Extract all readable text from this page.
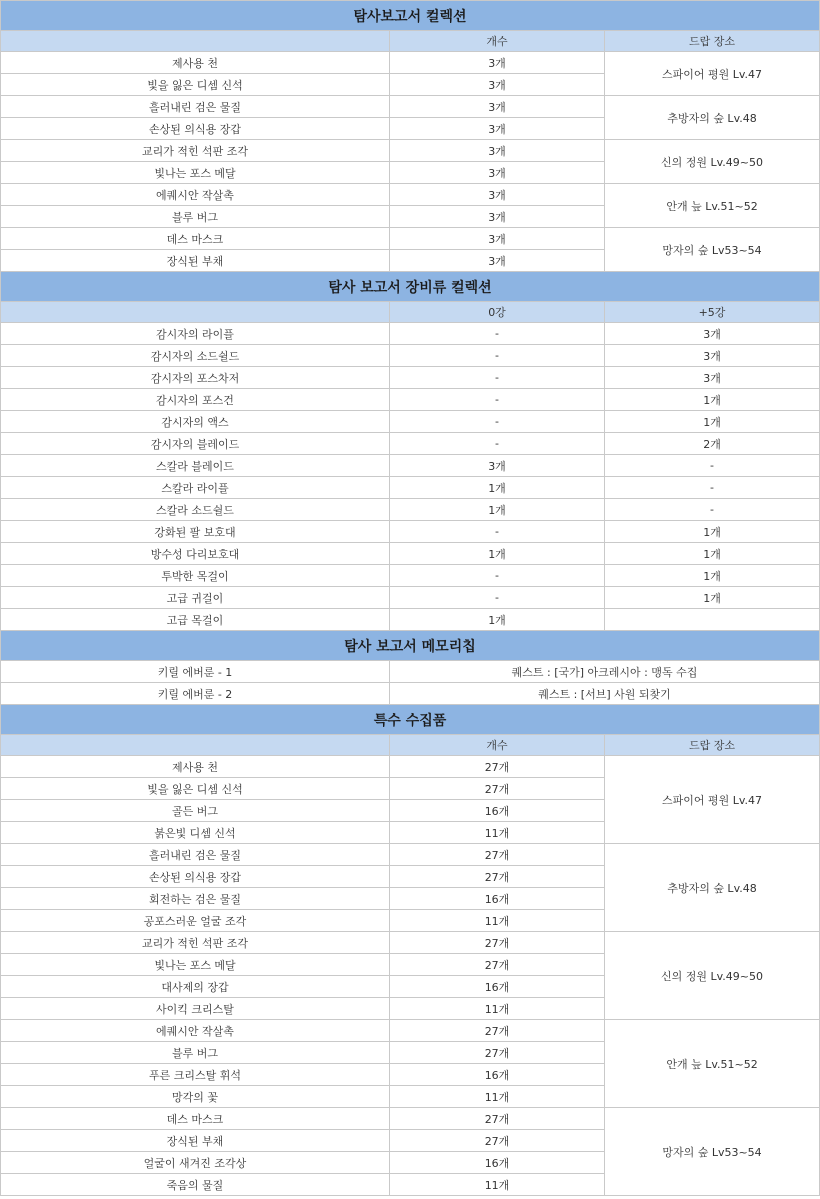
탐사보고서 컬렉션		
	개수	드랍 장소
제사용 천	3개	스파이어 평원 Lv.47
빛을 잃은 디셈 신석	3개	
흘러내린 검은 물질	3개	추방자의 숲 Lv.48
손상된 의식용 장갑	3개	
교리가 적힌 석판 조각	3개	신의 정원 Lv.49~50
빛나는 포스 메달	3개	
에퀘시안 작살촉	3개	안개 늪 Lv.51~52
블루 버그	3개	
데스 마스크	3개	망자의 숲 Lv53~54
장식된 부채	3개	
탐사 보고서 장비류 컬렉션		
	0강	+5강
감시자의 라이플	-	3개
감시자의 소드쉴드	-	3개
감시자의 포스차저	-	3개
감시자의 포스건	-	1개
감시자의 액스	-	1개
감시자의 블레이드	-	2개
스칼라 블레이드	3개	-
스칼라 라이플	1개	-
스칼라 소드쉴드	1개	-
강화된 팔 보호대	-	1개
방수성 다리보호대	1개	1개
투박한 목걸이	-	1개
고급 귀걸이	-	1개
고급 목걸이	1개	
탐사 보고서 메모리칩		
키릴 에버룬 - 1	퀘스트 : [국가] 아크레시아 : 맹독 수집	
키릴 에버룬 - 2	퀘스트 : [서브] 사원 되찾기	
특수 수집품		
	개수	드랍 장소
제사용 천	27개	스파이어 평원 Lv.47
빛을 잃은 디셈 신석	27개	
골든 버그	16개	
붉은빛 디셈 신석	11개	
흘러내린 검은 물질	27개	추방자의 숲 Lv.48
손상된 의식용 장갑	27개	
회전하는 검은 물질	16개	
공포스러운 얼굴 조각	11개	
교리가 적힌 석판 조각	27개	신의 정원 Lv.49~50
빛나는 포스 메달	27개	
대사제의 장갑	16개	
사이킥 크리스탈	11개	
에퀘시안 작살촉	27개	안개 늪 Lv.51~52
블루 버그	27개	
푸른 크리스탈 휘석	16개	
망각의 꽃	11개	
데스 마스크	27개	망자의 숲 Lv53~54
장식된 부채	27개	
얼굴이 새겨진 조각상	16개	
죽음의 물질	11개	
